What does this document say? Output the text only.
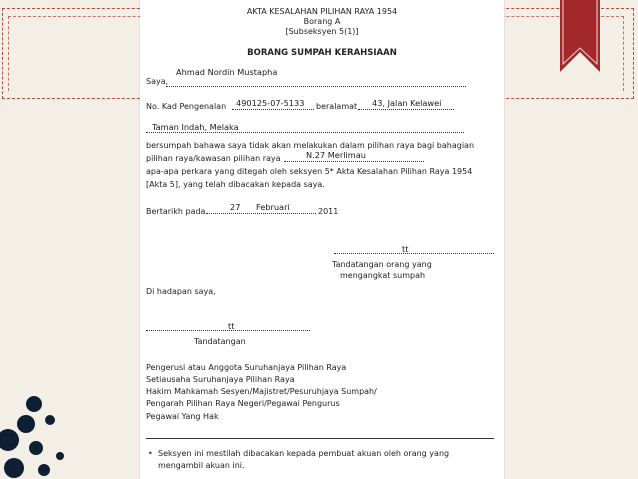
AKTA KESALAHAN PILIHAN RAYA 1954
Borang A
[Subseksyen 5(1)]
BORANG SUMPAH KERAHSIAAN
Ahmad Nordin Mustapha
Saya,
No. Kad Pengenalan 490125-07-5133 beralamat 43, Jalan Kelawei
Taman Indah, Melaka
bersumpah bahawa saya tidak akan melakukan dalam pilihan raya bagi bahagian
pilihan raya/kawasan pilihan raya	N.27 Merlimau
apa-apa perkara yang ditegah oleh seksyen 5* Akta Kesalahan Pilihan Raya 1954
[Akta 5], yang telah dibacakan kepada saya.
Bertarikh pada	27 Februari	2011
tt
Tandatangan orang yang
mengangkat sumpah
Di hadapan saya,
tt
Tandatangan
Pengerusi atau Anggota Suruhanjaya Pilihan Raya
Setiausaha Suruhanjaya Pilihan Raya
Hakim Mahkamah Sesyen/Majistret/Pesuruhjaya Sumpah/
Pengarah Pilihan Raya Negeri/Pegawai Pengurus
Pegawai Yang Hak
• Seksyen ini mestilah dibacakan kepada pembuat akuan oleh orang yang
mengambil akuan ini.
